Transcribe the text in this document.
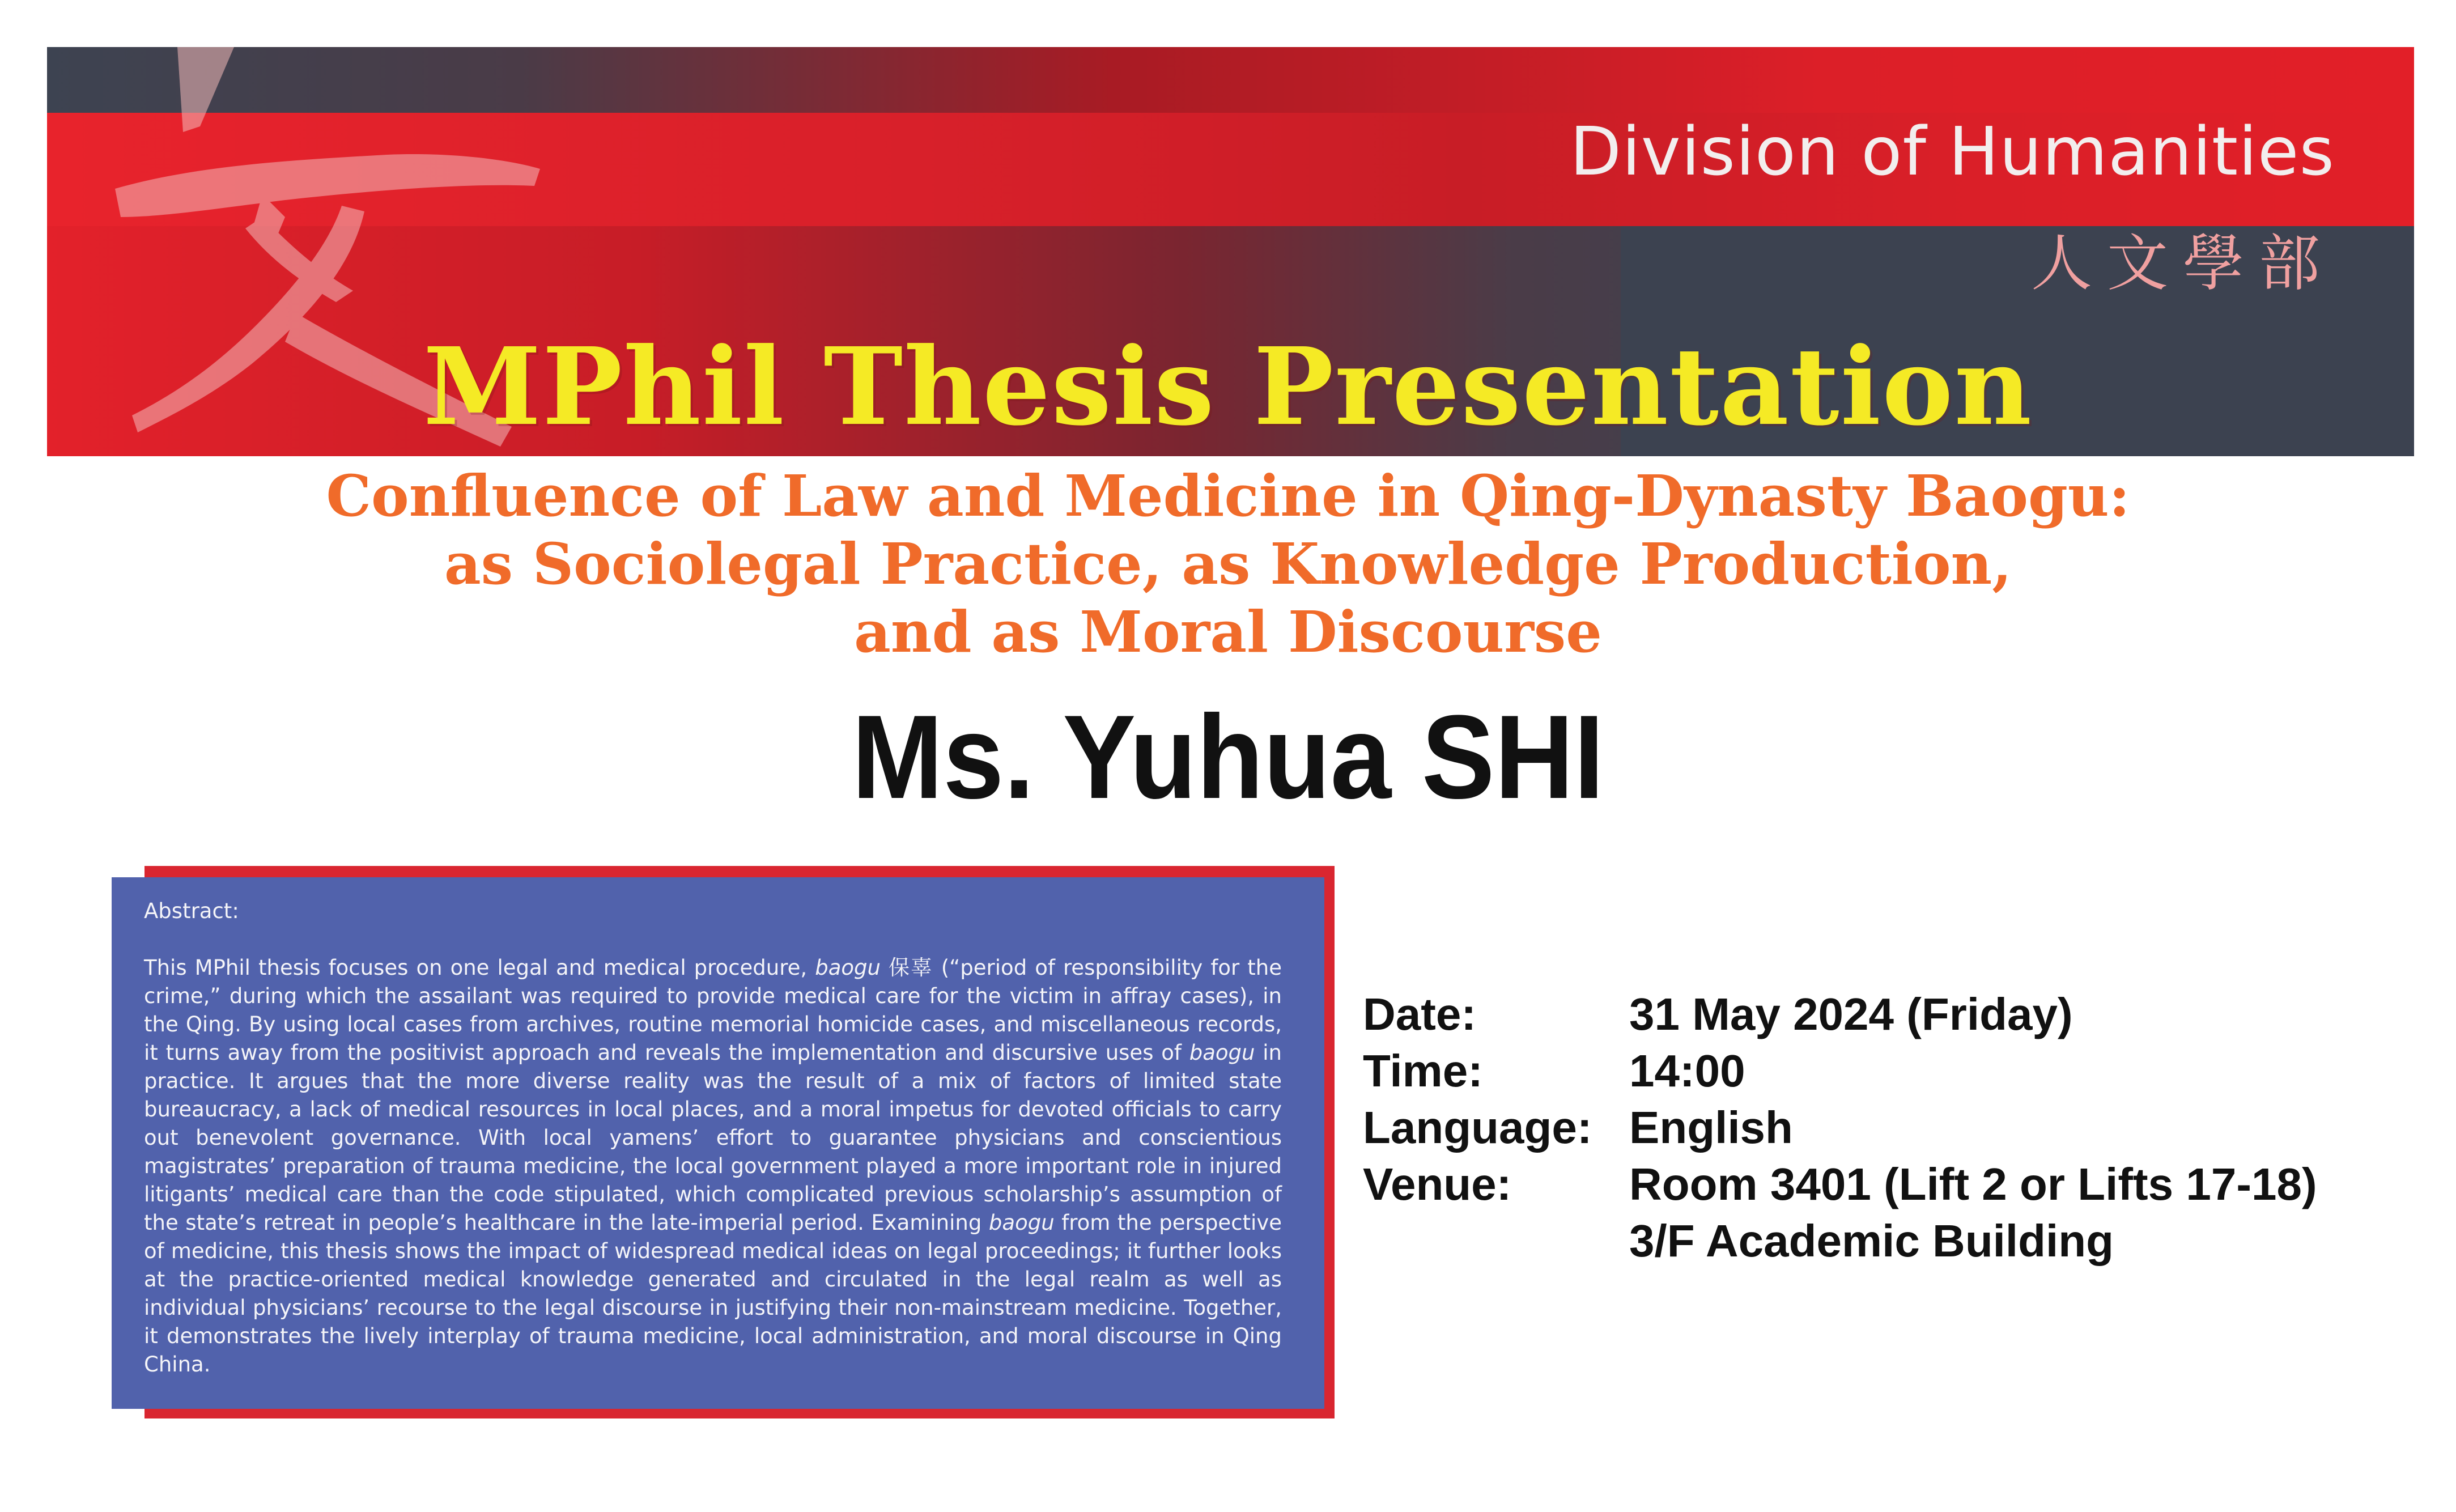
Division of Humanities
人文學部
MPhil Thesis Presentation
Confluence of Law and Medicine in Qing-Dynasty Baogu:
as Sociolegal Practice, as Knowledge Production,
and as Moral Discourse
Ms. Yuhua SHI
Abstract:
This MPhil thesis focuses on one legal and medical procedure, baogu 保辜 (“period of responsibility for the crime,” during which the assailant was required to provide medical care for the victim in affray cases), in the Qing. By using local cases from archives, routine memorial homicide cases, and miscellaneous records, it turns away from the positivist approach and reveals the implementation and discursive uses of baogu in practice. It argues that the more diverse reality was the result of a mix of factors of limited state bureaucracy, a lack of medical resources in local places, and a moral impetus for devoted officials to carry out benevolent governance. With local yamens’ effort to guarantee physicians and conscientious magistrates’ preparation of trauma medicine, the local government played a more important role in injured litigants’ medical care than the code stipulated, which complicated previous scholarship’s assumption of the state’s retreat in people’s healthcare in the late-imperial period. Examining baogu from the perspective of medicine, this thesis shows the impact of widespread medical ideas on legal proceedings; it further looks at the practice-oriented medical knowledge generated and circulated in the legal realm as well as individual physicians’ recourse to the legal discourse in justifying their non-mainstream medicine. Together, it demonstrates the lively interplay of trauma medicine, local administration, and moral discourse in Qing China.
Date:	31 May 2024 (Friday)
Time:	14:00
Language: English
Venue:	Room 3401 (Lift 2 or Lifts 17-18)
3/F Academic Building
